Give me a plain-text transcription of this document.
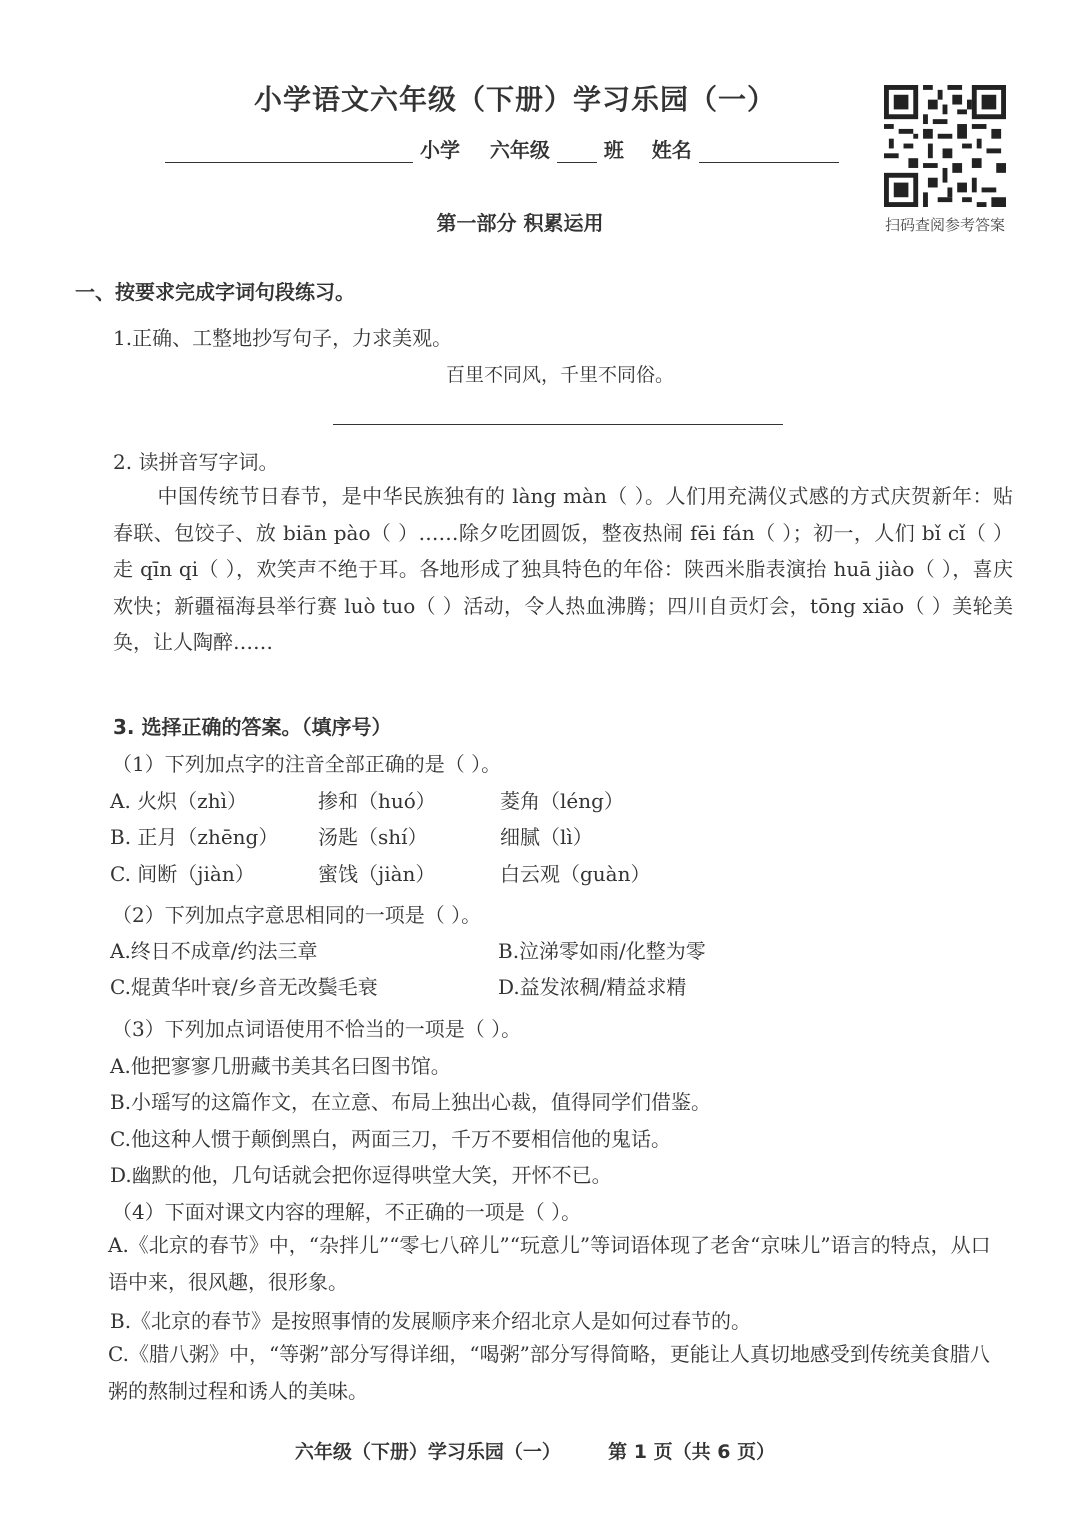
小学语文六年级（下册）学习乐园（一）
小学 六年级	班 姓名
第一部分 积累运用	扫码查阅参考答案
一、按要求完成字词句段练习。
1.正确、工整地抄写句子，力求美观。
百里不同风，千里不同俗。
2. 读拼音写字词。
中国传统节日春节，是中华民族独有的 làng màn（ ）。人们用充满仪式感的方式庆贺新年：贴春联、包饺子、放 biān pào（ ）……除夕吃团圆饭，整夜热闹 fēi fán（ ）；初一，人们 bǐ cǐ（ ）走 qīn qi（ ），欢笑声不绝于耳。各地形成了独具特色的年俗：陕西米脂表演抬 huā jiào（ ），喜庆欢快；新疆福海县举行赛 luò tuo（ ）活动，令人热血沸腾；四川自贡灯会，tōng xiāo（ ）美轮美奂，让人陶醉……
3. 选择正确的答案。（填序号）
（1）下列加点字的注音全部正确的是（ ）。
A. 火炽（zhì）	掺和（huó）	菱角（léng）
B. 正月（zhēng） 汤匙（shí）	细腻（lì）
C. 间断（jiàn）	蜜饯（jiàn）	白云观（guàn）
（2）下列加点字意思相同的一项是（ ）。
A.终日不成章/约法三章	B.泣涕零如雨/化整为零
C.焜黄华叶衰/乡音无改鬓毛衰	D.益发浓稠/精益求精
（3）下列加点词语使用不恰当的一项是（ ）。
A.他把寥寥几册藏书美其名曰图书馆。
B.小瑶写的这篇作文，在立意、布局上独出心裁，值得同学们借鉴。
C.他这种人惯于颠倒黑白，两面三刀，千万不要相信他的鬼话。
D.幽默的他，几句话就会把你逗得哄堂大笑，开怀不已。
（4）下面对课文内容的理解，不正确的一项是（ ）。
A.《北京的春节》中，“杂拌儿”“零七八碎儿”“玩意儿”等词语体现了老舍“京味儿”语言的特点，从口语中来，很风趣，很形象。
B.《北京的春节》是按照事情的发展顺序来介绍北京人是如何过春节的。
C.《腊八粥》中，“等粥”部分写得详细，“喝粥”部分写得简略，更能让人真切地感受到传统美食腊八粥的熬制过程和诱人的美味。
六年级（下册）学习乐园（一） 第 1 页（共 6 页）
